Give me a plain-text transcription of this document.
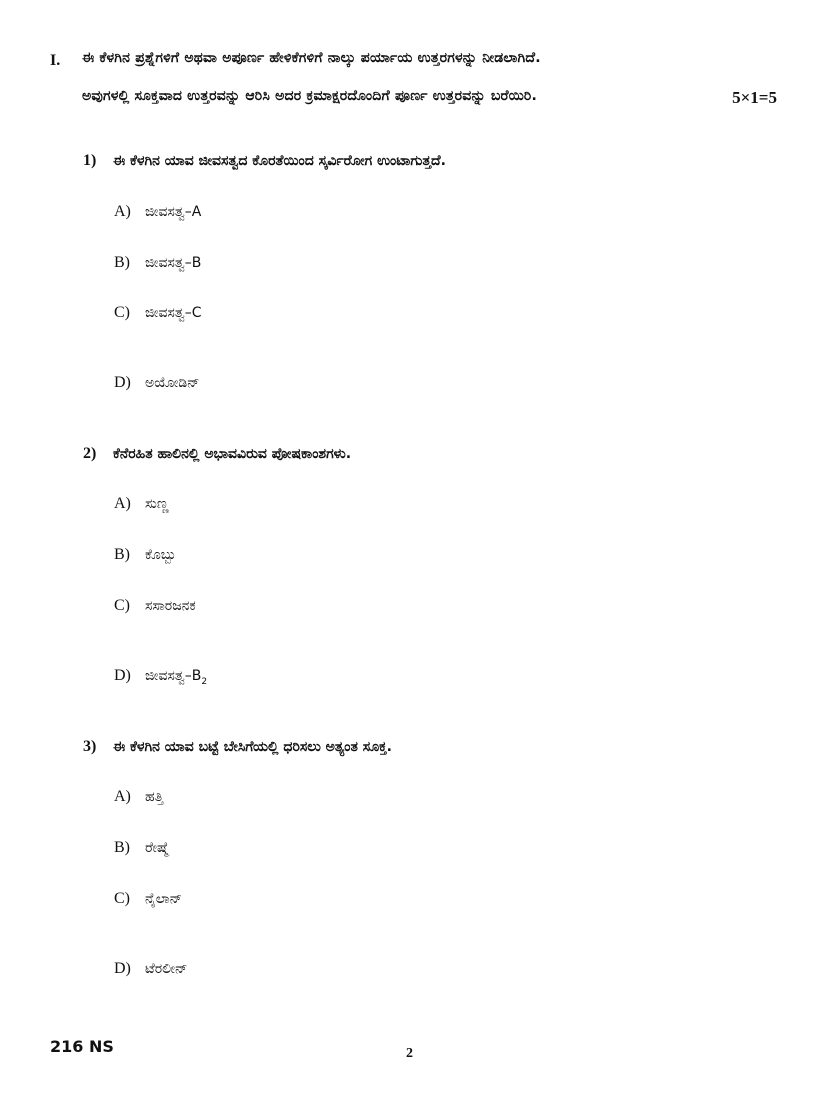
I. ಈ ಕೆಳಗಿನ ಪ್ರಶ್ನೆಗಳಿಗೆ ಅಥವಾ ಅಪೂರ್ಣ ಹೇಳಿಕೆಗಳಿಗೆ ನಾಲ್ಕು ಪರ್ಯಾಯ ಉತ್ತರಗಳನ್ನು ನೀಡಲಾಗಿದೆ.
ಅವುಗಳಲ್ಲಿ ಸೂಕ್ತವಾದ ಉತ್ತರವನ್ನು ಆರಿಸಿ ಅದರ ಕ್ರಮಾಕ್ಷರದೊಂದಿಗೆ ಪೂರ್ಣ ಉತ್ತರವನ್ನು ಬರೆಯಿರಿ.	5×1=5
1) ಈ ಕೆಳಗಿನ ಯಾವ ಜೀವಸತ್ವದ ಕೊರತೆಯಿಂದ ಸ್ಕರ್ವಿರೋಗ ಉಂಟಾಗುತ್ತದೆ.
A) ಜೀವಸತ್ವ–A
B) ಜೀವಸತ್ವ–B
C) ಜೀವಸತ್ವ–C
D) ಅಯೋಡಿನ್
2) ಕೆನೆರಹಿತ ಹಾಲಿನಲ್ಲಿ ಅಭಾವವಿರುವ ಪೋಷಕಾಂಶಗಳು.
A) ಸುಣ್ಣ
B) ಕೊಬ್ಬು
C) ಸಸಾರಜನಕ
D) $ಜೀವಸತ್ವ-B_2$
3) ಈ ಕೆಳಗಿನ ಯಾವ ಬಟ್ಟೆ ಬೇಸಿಗೆಯಲ್ಲಿ ಧರಿಸಲು ಅತ್ಯಂತ ಸೂಕ್ತ.
A) ಹತ್ತಿ
B) ರೇಷ್ಮೆ
C) ನೈಲಾನ್
D) ಟೆರಲೀನ್
216 NS	2
